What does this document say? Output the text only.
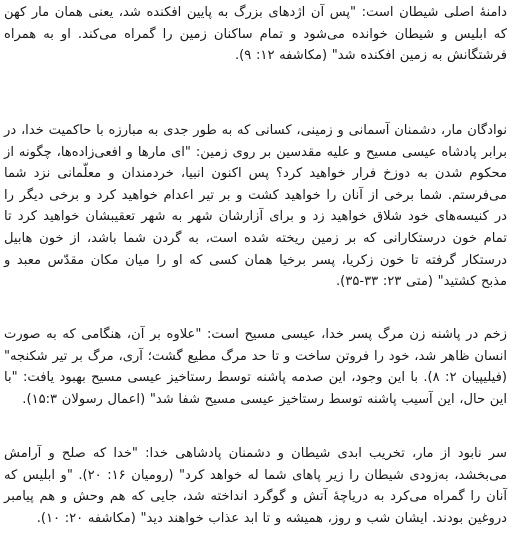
دامنهٔ اصلی شیطان است: "پس آن اژدهای بزرگ به پایین افکنده شد، یعنی همان مار کهن که ابلیس و شیطان خوانده می‌شود و تمام ساکنان زمین را گمراه می‌کند. او به همراه فرشتگانش به زمین افکنده شد" (مکاشفه ۱۲: ۹).

نوادگان مار، دشمنان آسمانی و زمینی، کسانی که به طور جدی به مبارزه با حاکمیت خدا، در برابر پادشاه عیسی مسیح و علیه مقدسین بر روی زمین: "ای مارها و افعی‌زاده‌ها، چگونه از محکوم شدن به دوزخ فرار خواهید کرد؟ پس اکنون انبیا، خردمندان و معلّمانی نزد شما می‌فرستم. شما برخی از آنان را خواهید کشت و بر تیر اعدام خواهید کرد و برخی دیگر را در کنیسه‌های خود شلاق خواهید زد و برای آزارشان شهر به شهر تعقیبشان خواهید کرد تا تمام خون درستکارانی که بر زمین ریخته شده است، به گردن شما باشد، از خون هابیل درستکار گرفته تا خون زکریا، پسر برخیا همان کسی که او را میان مکان مقدّس معبد و مذبح کشتید" (متی ۲۳: ۳۳-۳۵).

زخم در پاشنه زن مرگ پسر خدا، عیسی مسیح است: "علاوه بر آن، هنگامی که به صورت انسان ظاهر شد، خود را فروتن ساخت و تا حد مرگ مطیع گشت؛ آری، مرگ بر تیر شکنجه" (فیلیپیان ۲: ۸). با این وجود، این صدمه پاشنه توسط رستاخیز عیسی مسیح بهبود یافت: "با این حال، این آسیب پاشنه توسط رستاخیز عیسی مسیح شفا شد" (اعمال رسولان ۱۵:۳).

سر نابود از مار، تخریب ابدی شیطان و دشمنان پادشاهی خدا: "خدا که صلح و آرامش می‌بخشد، به‌زودی شیطان را زیر پاهای شما له خواهد کرد" (رومیان ۱۶: ۲۰). "و ابلیس که آنان را گمراه می‌کرد به دریاچهٔ آتش و گوگرد انداخته شد، جایی که هم وحش و هم پیامبر دروغین بودند. ایشان شب و روز، همیشه و تا ابد عذاب خواهند دید" (مکاشفه ۲۰: ۱۰).
